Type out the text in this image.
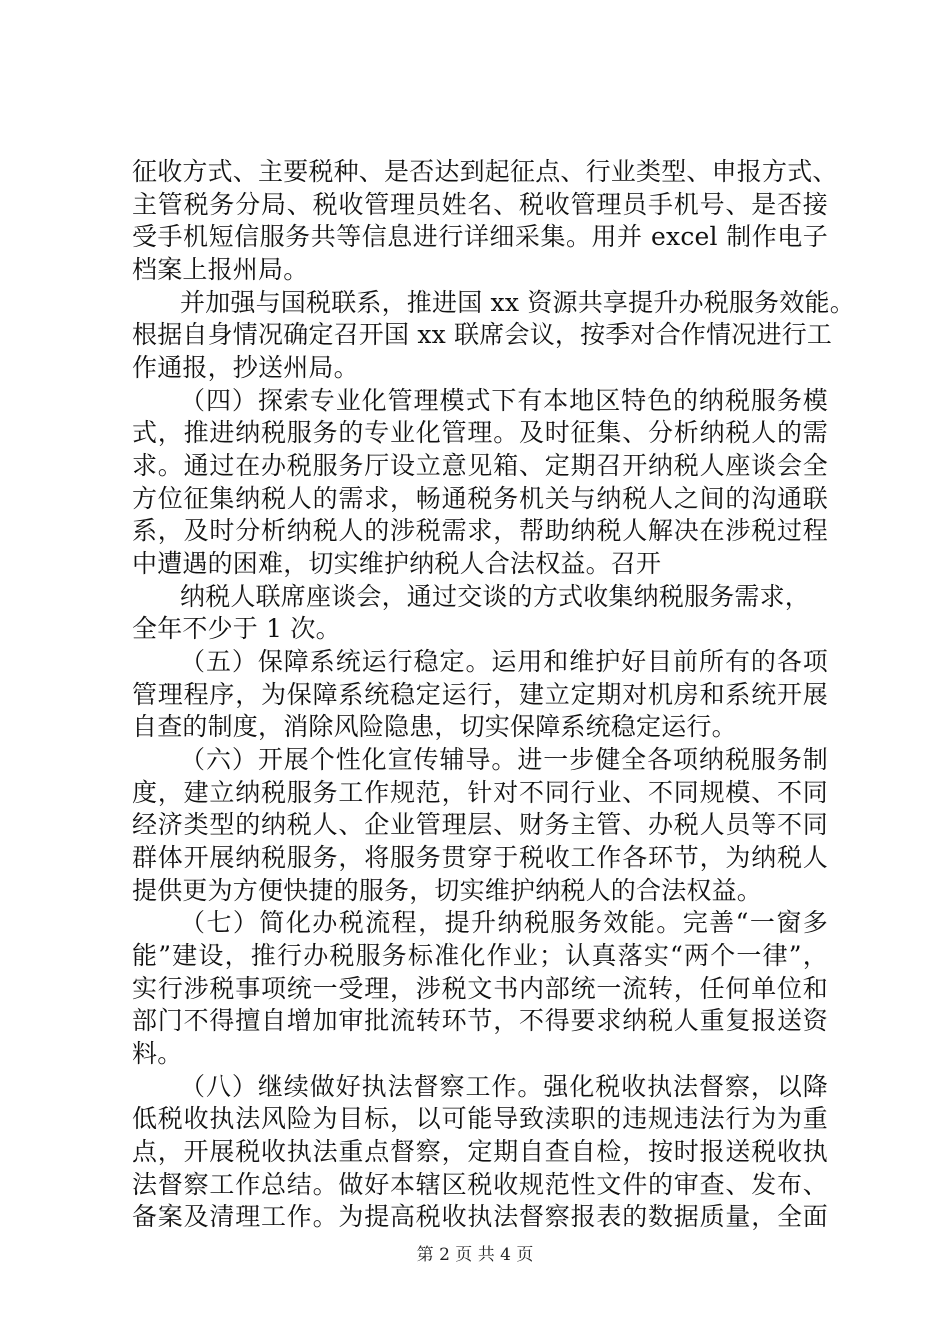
征收方式、主要税种、是否达到起征点、行业类型、申报方式、
主管税务分局、税收管理员姓名、税收管理员手机号、是否接
受手机短信服务共等信息进行详细采集。用并 excel 制作电子
档案上报州局。
并加强与国税联系，推进国 xx 资源共享提升办税服务效能。
根据自身情况确定召开国 xx 联席会议，按季对合作情况进行工
作通报，抄送州局。
（四）探索专业化管理模式下有本地区特色的纳税服务模
式，推进纳税服务的专业化管理。及时征集、分析纳税人的需
求。通过在办税服务厅设立意见箱、定期召开纳税人座谈会全
方位征集纳税人的需求，畅通税务机关与纳税人之间的沟通联
系，及时分析纳税人的涉税需求，帮助纳税人解决在涉税过程
中遭遇的困难，切实维护纳税人合法权益。召开
纳税人联席座谈会，通过交谈的方式收集纳税服务需求，
全年不少于 1 次。
（五）保障系统运行稳定。运用和维护好目前所有的各项
管理程序，为保障系统稳定运行，建立定期对机房和系统开展
自查的制度，消除风险隐患，切实保障系统稳定运行。
（六）开展个性化宣传辅导。进一步健全各项纳税服务制
度，建立纳税服务工作规范，针对不同行业、不同规模、不同
经济类型的纳税人、企业管理层、财务主管、办税人员等不同
群体开展纳税服务，将服务贯穿于税收工作各环节，为纳税人
提供更为方便快捷的服务，切实维护纳税人的合法权益。
（七）简化办税流程，提升纳税服务效能。完善“一窗多
能”建设，推行办税服务标准化作业；认真落实“两个一律”，
实行涉税事项统一受理，涉税文书内部统一流转，任何单位和
部门不得擅自增加审批流转环节，不得要求纳税人重复报送资
料。
（八）继续做好执法督察工作。强化税收执法督察，以降
低税收执法风险为目标，以可能导致渎职的违规违法行为为重
点，开展税收执法重点督察，定期自查自检，按时报送税收执
法督察工作总结。做好本辖区税收规范性文件的审查、发布、
备案及清理工作。为提高税收执法督察报表的数据质量，全面
第 2 页 共 4 页
